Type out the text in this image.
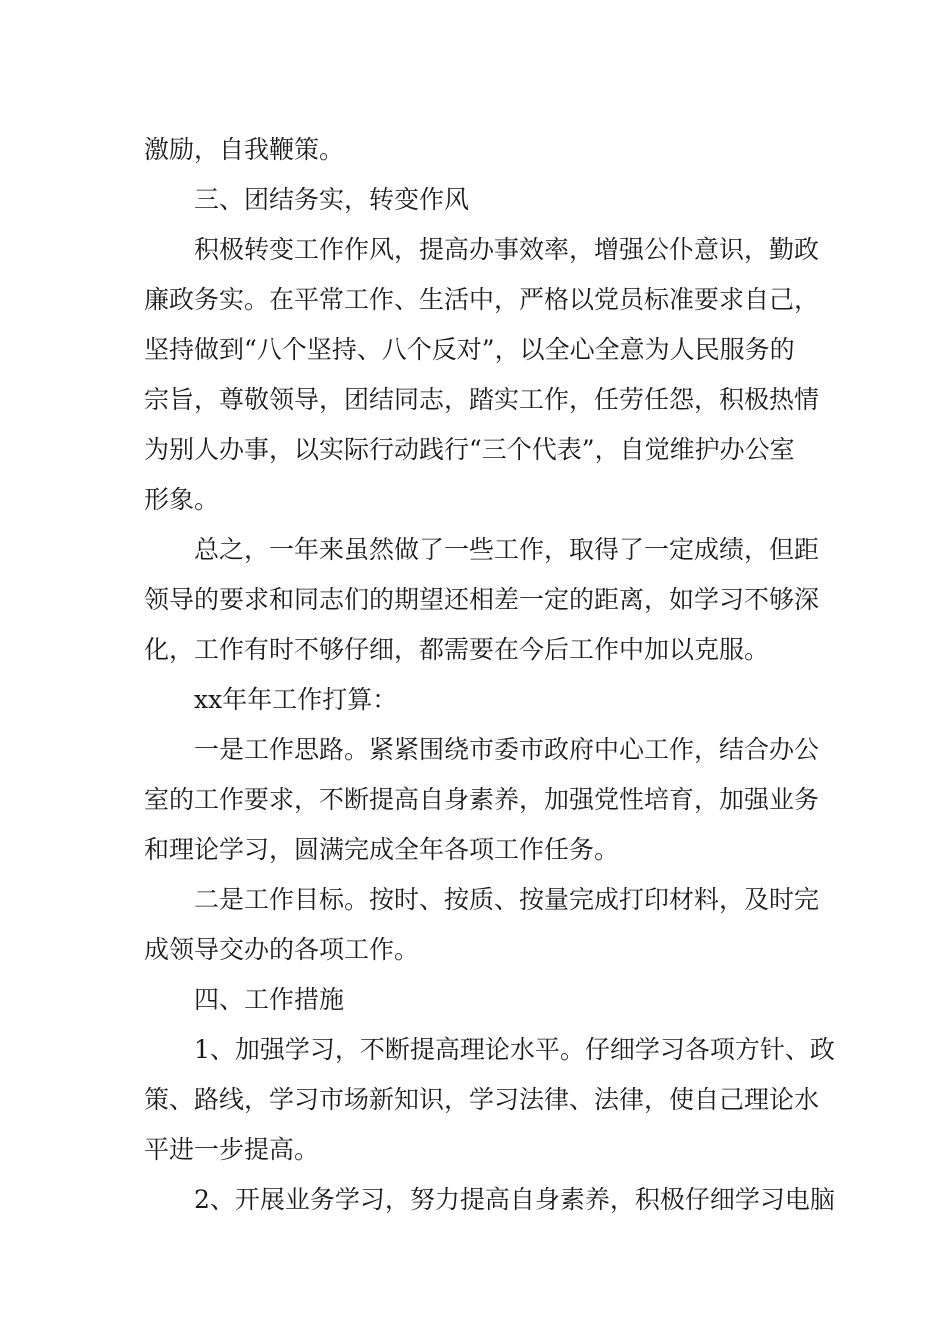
激励，自我鞭策。

三、团结务实，转变作风

积极转变工作作风，提高办事效率，增强公仆意识，勤政

廉政务实。在平常工作、生活中，严格以党员标准要求自己，

坚持做到“八个坚持、八个反对”，以全心全意为人民服务的

宗旨，尊敬领导，团结同志，踏实工作，任劳任怨，积极热情

为别人办事，以实际行动践行“三个代表”，自觉维护办公室

形象。

总之，一年来虽然做了一些工作，取得了一定成绩，但距

领导的要求和同志们的期望还相差一定的距离，如学习不够深

化，工作有时不够仔细，都需要在今后工作中加以克服。

xx年年工作打算：

一是工作思路。紧紧围绕市委市政府中心工作，结合办公

室的工作要求，不断提高自身素养，加强党性培育，加强业务

和理论学习，圆满完成全年各项工作任务。

二是工作目标。按时、按质、按量完成打印材料，及时完

成领导交办的各项工作。

四、工作措施

1、加强学习，不断提高理论水平。仔细学习各项方针、政

策、路线，学习市场新知识，学习法律、法律，使自己理论水

平进一步提高。

2、开展业务学习，努力提高自身素养，积极仔细学习电脑
